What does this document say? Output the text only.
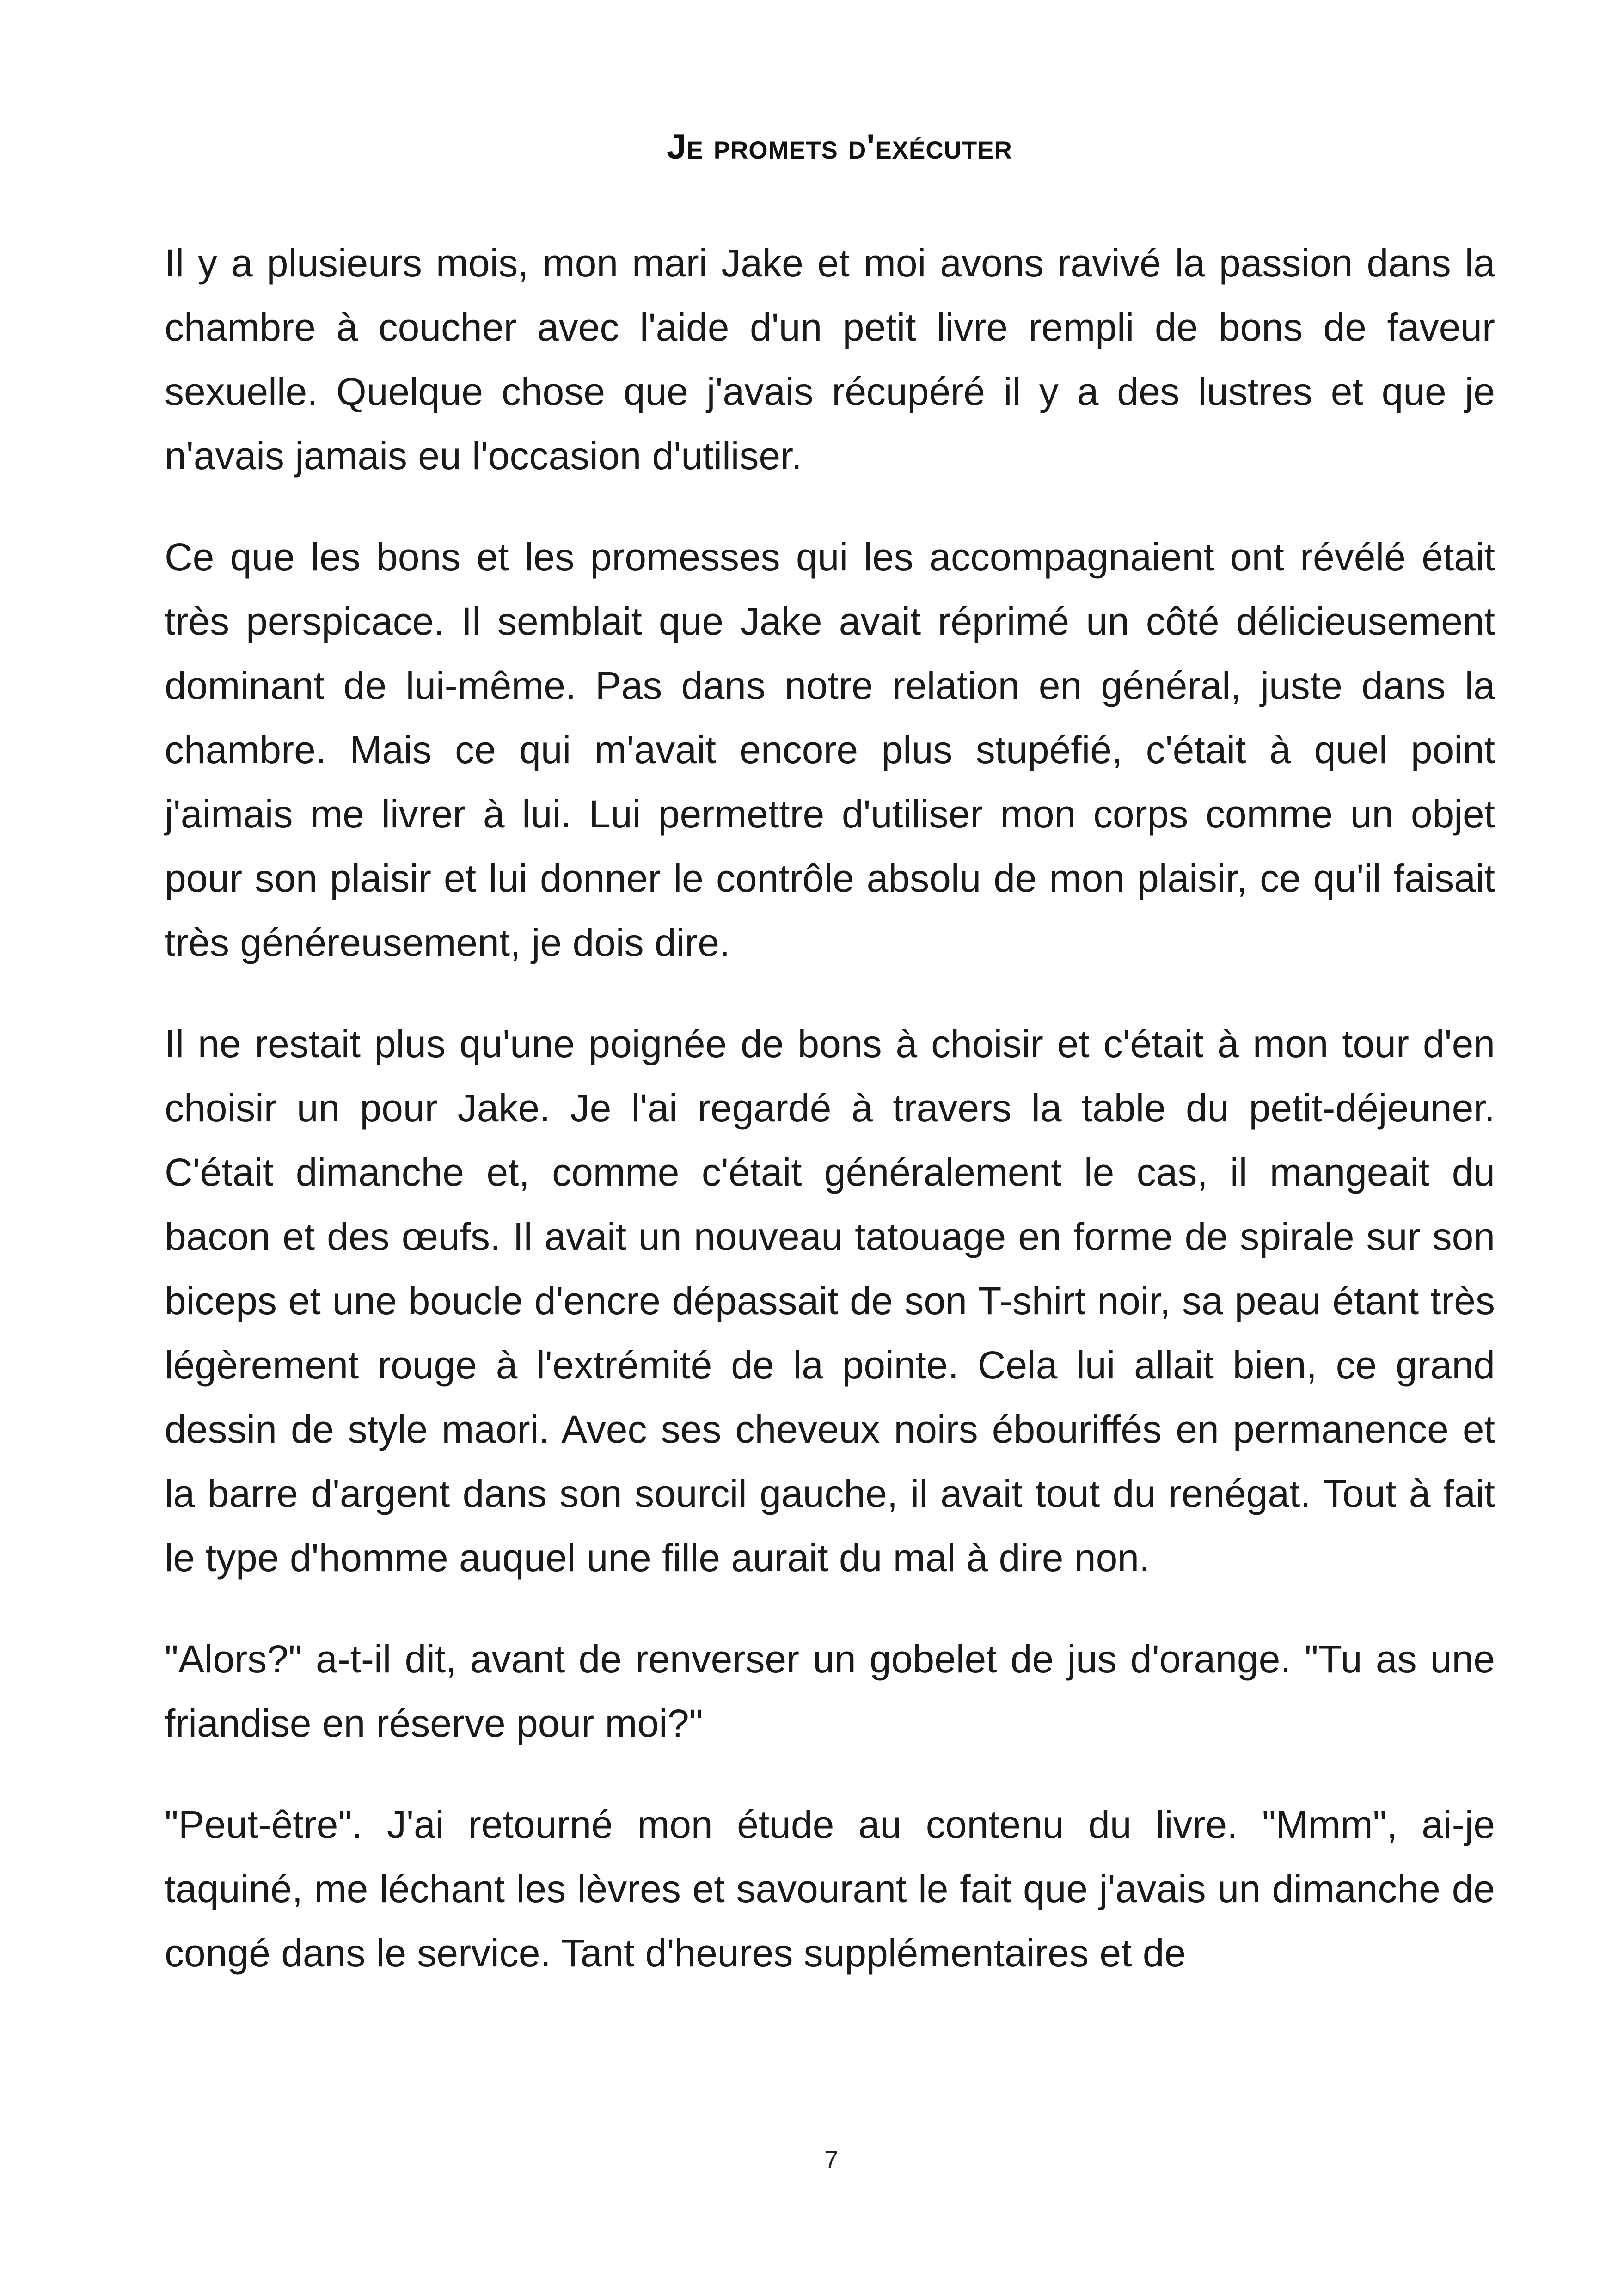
Je promets d'exécuter

Il y a plusieurs mois, mon mari Jake et moi avons ravivé la passion dans la chambre à coucher avec l'aide d'un petit livre rempli de bons de faveur sexuelle. Quelque chose que j'avais récupéré il y a des lustres et que je n'avais jamais eu l'occasion d'utiliser.

Ce que les bons et les promesses qui les accompagnaient ont révélé était très perspicace. Il semblait que Jake avait réprimé un côté délicieusement dominant de lui-même. Pas dans notre relation en général, juste dans la chambre. Mais ce qui m'avait encore plus stupéfié, c'était à quel point j'aimais me livrer à lui. Lui permettre d'utiliser mon corps comme un objet pour son plaisir et lui donner le contrôle absolu de mon plaisir, ce qu'il faisait très généreusement, je dois dire.

Il ne restait plus qu'une poignée de bons à choisir et c'était à mon tour d'en choisir un pour Jake. Je l'ai regardé à travers la table du petit-déjeuner. C'était dimanche et, comme c'était généralement le cas, il mangeait du bacon et des œufs. Il avait un nouveau tatouage en forme de spirale sur son biceps et une boucle d'encre dépassait de son T-shirt noir, sa peau étant très légèrement rouge à l'extrémité de la pointe. Cela lui allait bien, ce grand dessin de style maori. Avec ses cheveux noirs ébouriffés en permanence et la barre d'argent dans son sourcil gauche, il avait tout du renégat. Tout à fait le type d'homme auquel une fille aurait du mal à dire non.

"Alors?" a-t-il dit, avant de renverser un gobelet de jus d'orange. "Tu as une friandise en réserve pour moi?"

"Peut-être". J'ai retourné mon étude au contenu du livre. "Mmm", ai-je taquiné, me léchant les lèvres et savourant le fait que j'avais un dimanche de congé dans le service. Tant d'heures supplémentaires et de

7
